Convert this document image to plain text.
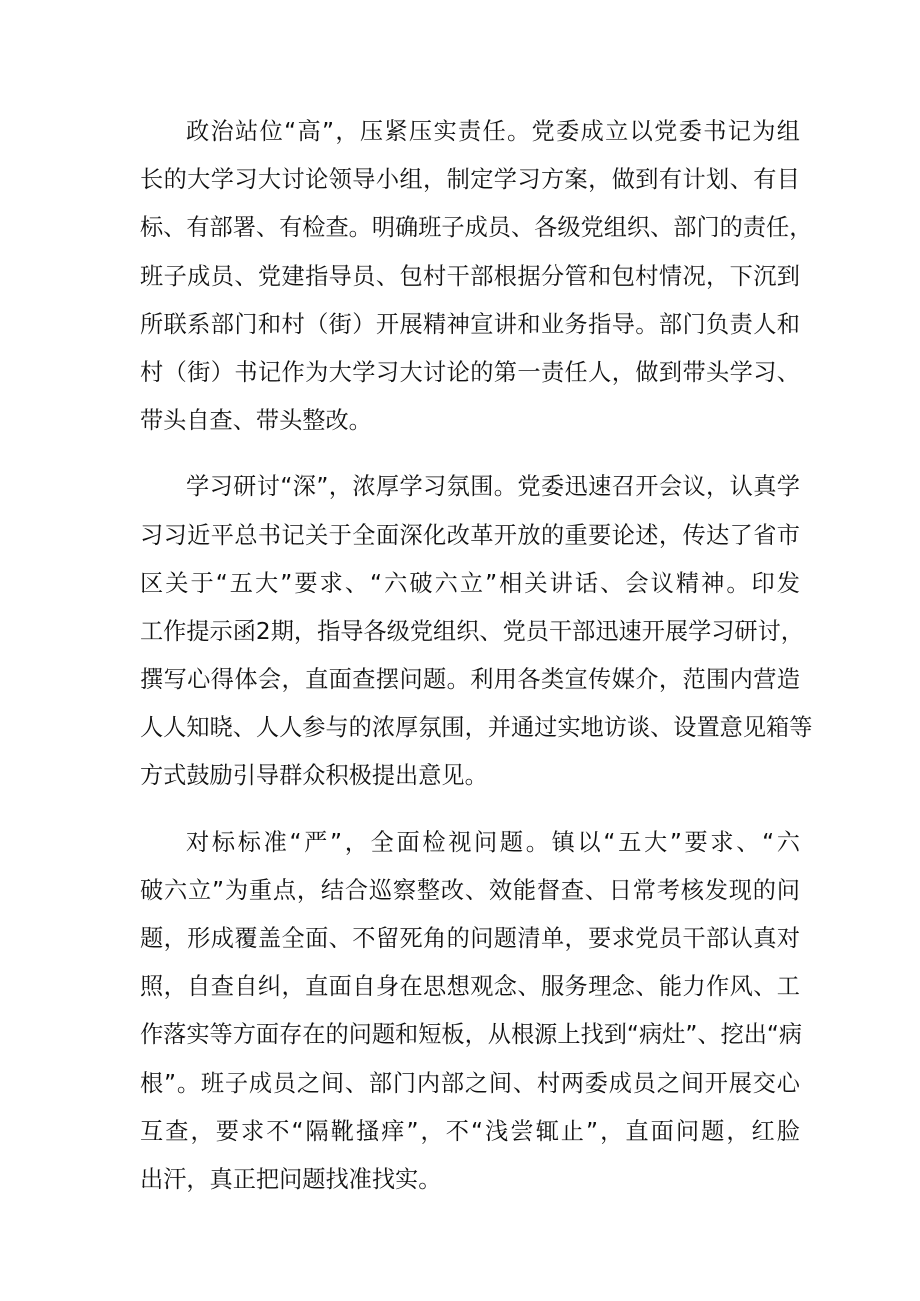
政治站位“高”，压紧压实责任。党委成立以党委书记为组
长的大学习大讨论领导小组，制定学习方案，做到有计划、有目
标、有部署、有检查。明确班子成员、各级党组织、部门的责任，
班子成员、党建指导员、包村干部根据分管和包村情况，下沉到
所联系部门和村（街）开展精神宣讲和业务指导。部门负责人和
村（街）书记作为大学习大讨论的第一责任人，做到带头学习、
带头自查、带头整改。
学习研讨“深”，浓厚学习氛围。党委迅速召开会议，认真学
习习近平总书记关于全面深化改革开放的重要论述，传达了省市
区关于“五大”要求、“六破六立”相关讲话、会议精神。印发
工作提示函2期，指导各级党组织、党员干部迅速开展学习研讨，
撰写心得体会，直面查摆问题。利用各类宣传媒介，范围内营造
人人知晓、人人参与的浓厚氛围，并通过实地访谈、设置意见箱等
方式鼓励引导群众积极提出意见。
对标标准“严”，全面检视问题。镇以“五大”要求、“六
破六立”为重点，结合巡察整改、效能督查、日常考核发现的问
题，形成覆盖全面、不留死角的问题清单，要求党员干部认真对
照，自查自纠，直面自身在思想观念、服务理念、能力作风、工
作落实等方面存在的问题和短板，从根源上找到“病灶”、挖出“病
根”。班子成员之间、部门内部之间、村两委成员之间开展交心
互查，要求不“隔靴搔痒”，不“浅尝辄止”，直面问题，红脸
出汗，真正把问题找准找实。
